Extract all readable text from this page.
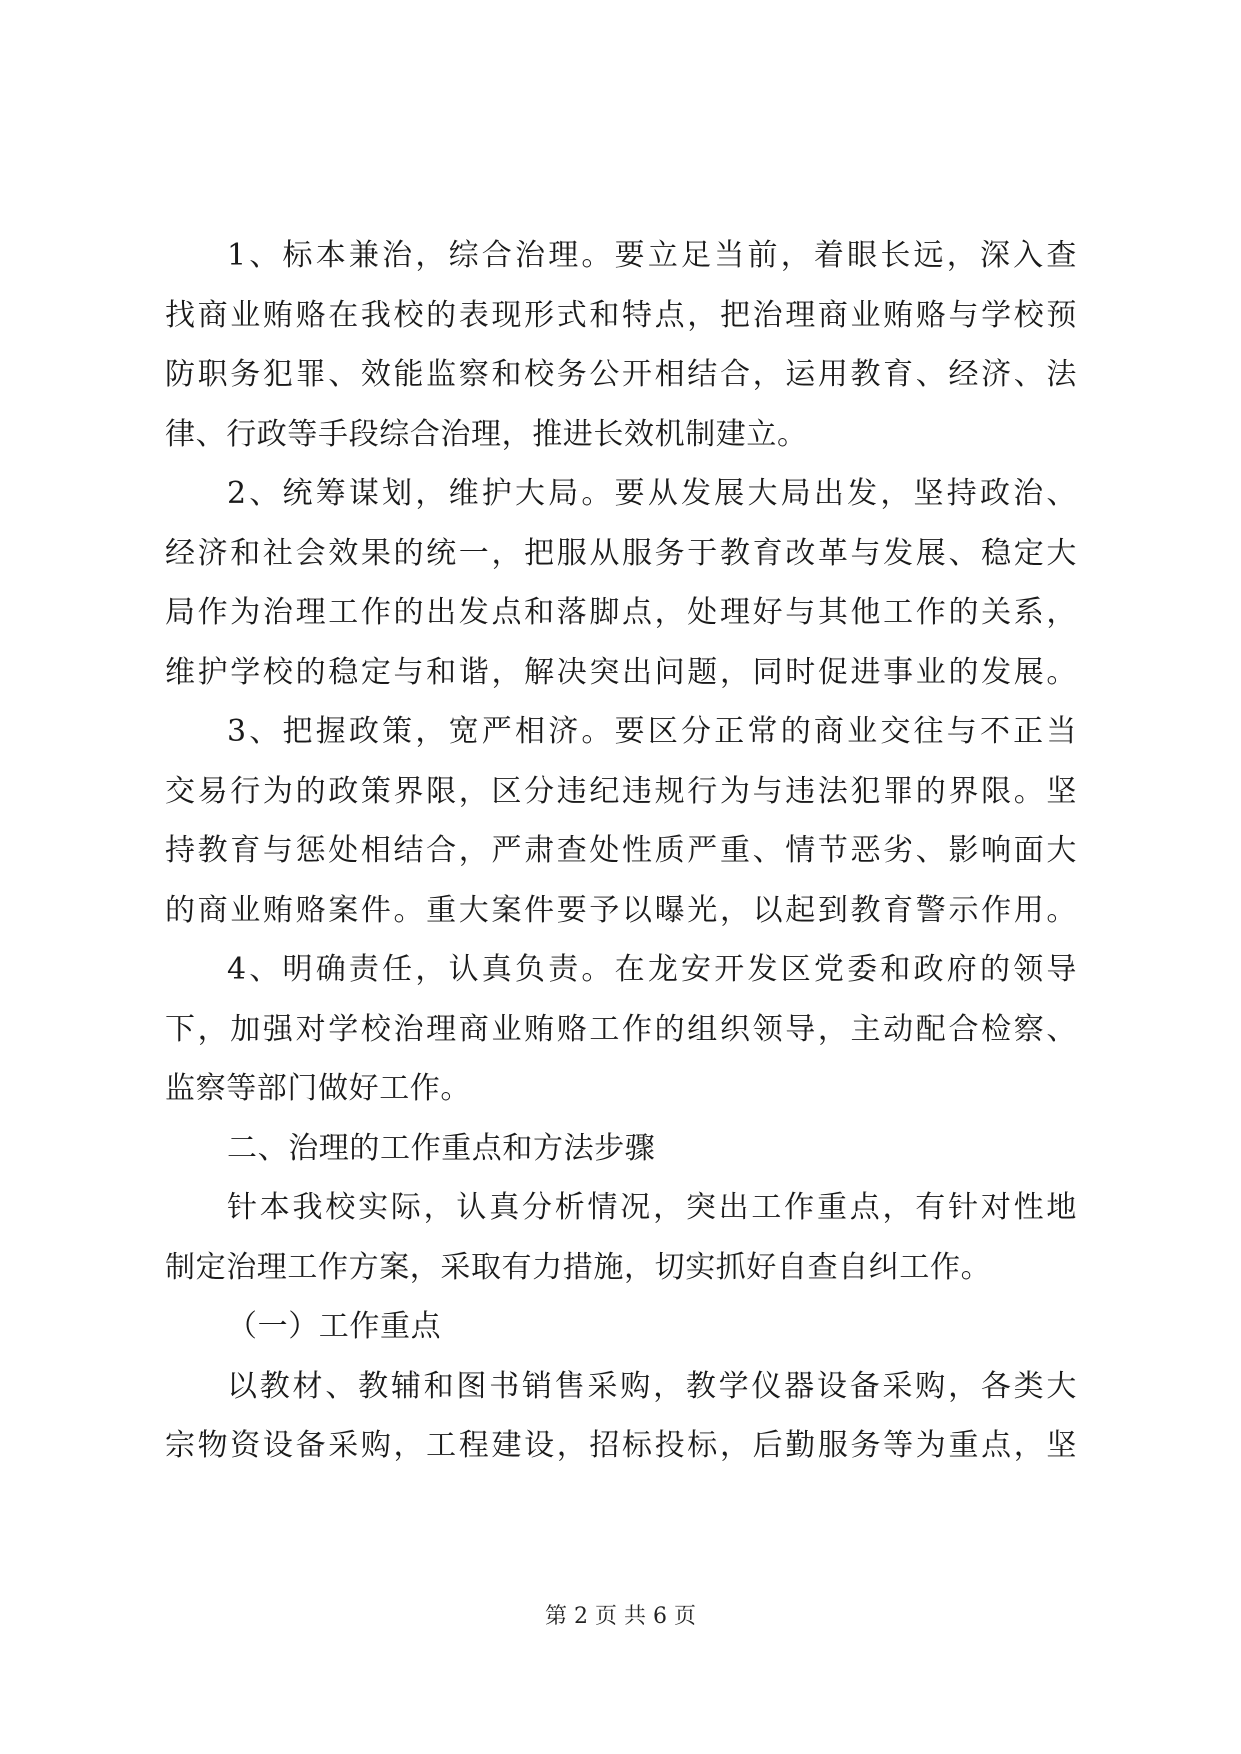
1、标本兼治，综合治理。要立足当前，着眼长远，深入查
找商业贿赂在我校的表现形式和特点，把治理商业贿赂与学校预
防职务犯罪、效能监察和校务公开相结合，运用教育、经济、法
律、行政等手段综合治理，推进长效机制建立。
2、统筹谋划，维护大局。要从发展大局出发，坚持政治、
经济和社会效果的统一，把服从服务于教育改革与发展、稳定大
局作为治理工作的出发点和落脚点，处理好与其他工作的关系，
维护学校的稳定与和谐，解决突出问题，同时促进事业的发展。
3、把握政策，宽严相济。要区分正常的商业交往与不正当
交易行为的政策界限，区分违纪违规行为与违法犯罪的界限。坚
持教育与惩处相结合，严肃查处性质严重、情节恶劣、影响面大
的商业贿赂案件。重大案件要予以曝光，以起到教育警示作用。
4、明确责任，认真负责。在龙安开发区党委和政府的领导
下，加强对学校治理商业贿赂工作的组织领导，主动配合检察、
监察等部门做好工作。
二、治理的工作重点和方法步骤
针本我校实际，认真分析情况，突出工作重点，有针对性地
制定治理工作方案，采取有力措施，切实抓好自查自纠工作。
（一）工作重点
以教材、教辅和图书销售采购，教学仪器设备采购，各类大
宗物资设备采购，工程建设，招标投标，后勤服务等为重点，坚
第 2 页 共 6 页
